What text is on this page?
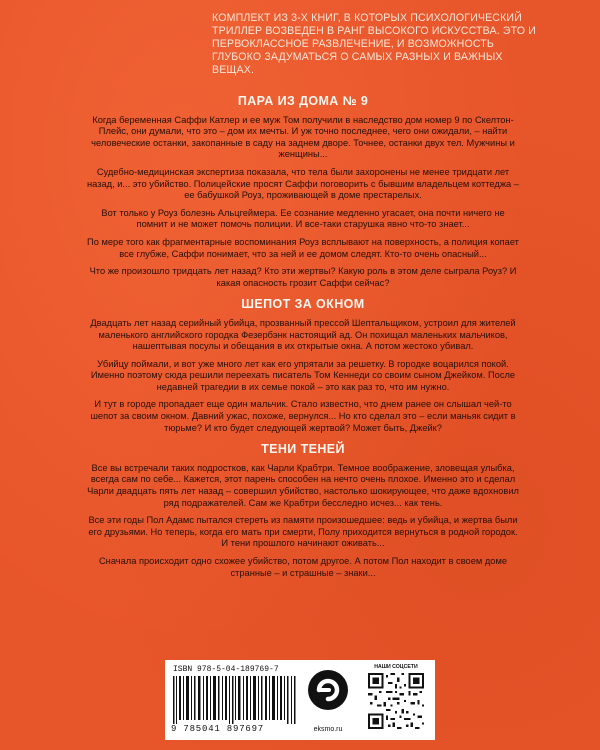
КОМПЛЕКТ ИЗ 3-Х КНИГ, В КОТОРЫХ ПСИХОЛОГИЧЕСКИЙ ТРИЛЛЕР ВОЗВЕДЕН В РАНГ ВЫСОКОГО ИСКУССТВА. ЭТО И ПЕРВОКЛАССНОЕ РАЗВЛЕЧЕНИЕ, И ВОЗМОЖНОСТЬ ГЛУБОКО ЗАДУМАТЬСЯ О САМЫХ РАЗНЫХ И ВАЖНЫХ ВЕЩАХ.
ПАРА ИЗ ДОМА № 9

Когда беременная Саффи Катлер и ее муж Том получили в наследство дом номер 9 по Скелтон-Плейс, они думали, что это – дом их мечты. И уж точно последнее, чего они ожидали, – найти человеческие останки, закопанные в саду на заднем дворе. Точнее, останки двух тел. Мужчины и женщины...

Судебно-медицинская экспертиза показала, что тела были захоронены не менее тридцати лет назад, и... это убийство. Полицейские просят Саффи поговорить с бывшим владельцем коттеджа – ее бабушкой Роуз, проживающей в доме престарелых.

Вот только у Роуз болезнь Альцгеймера. Ее сознание медленно угасает, она почти ничего не помнит и не может помочь полиции. И все-таки старушка явно что-то знает...

По мере того как фрагментарные воспоминания Роуз всплывают на поверхность, а полиция копает все глубже, Саффи понимает, что за ней и ее домом следят. Кто-то очень опасный...

Что же произошло тридцать лет назад? Кто эти жертвы? Какую роль в этом деле сыграла Роуз? И какая опасность грозит Саффи сейчас?

ШЕПОТ ЗА ОКНОМ

Двадцать лет назад серийный убийца, прозванный прессой Шептальщиком, устроил для жителей маленького английского городка Фезербэнк настоящий ад. Он похищал маленьких мальчиков, нашептывая посулы и обещания в их открытые окна. А потом жестоко убивал.

Убийцу поймали, и вот уже много лет как его упрятали за решетку. В городке воцарился покой. Именно поэтому сюда решили переехать писатель Том Кеннеди со своим сыном Джейком. После недавней трагедии в их семье покой – это как раз то, что им нужно.

И тут в городе пропадает еще один мальчик. Стало известно, что днем ранее он слышал чей-то шепот за своим окном. Давний ужас, похоже, вернулся... Но кто сделал это – если маньяк сидит в тюрьме? И кто будет следующей жертвой? Может быть, Джейк?

ТЕНИ ТЕНЕЙ

Все вы встречали таких подростков, как Чарли Крабтри. Темное воображение, зловещая улыбка, всегда сам по себе... Кажется, этот парень способен на нечто очень плохое. Именно это и сделал Чарли двадцать пять лет назад – совершил убийство, настолько шокирующее, что даже вдохновил ряд подражателей. Сам же Крабтри бесследно исчез... как тень.

Все эти годы Пол Адамс пытался стереть из памяти произошедшее: ведь и убийца, и жертва были его друзьями. Но теперь, когда его мать при смерти, Полу приходится вернуться в родной городок. И тени прошлого начинают оживать...

Сначала происходит одно схожее убийство, потом другое. А потом Пол находит в своем доме странные – и страшные – знаки...

ISBN 978-5-04-189769-7
9 785041 897697	eksmo.ru
НАШИ СОЦСЕТИ
